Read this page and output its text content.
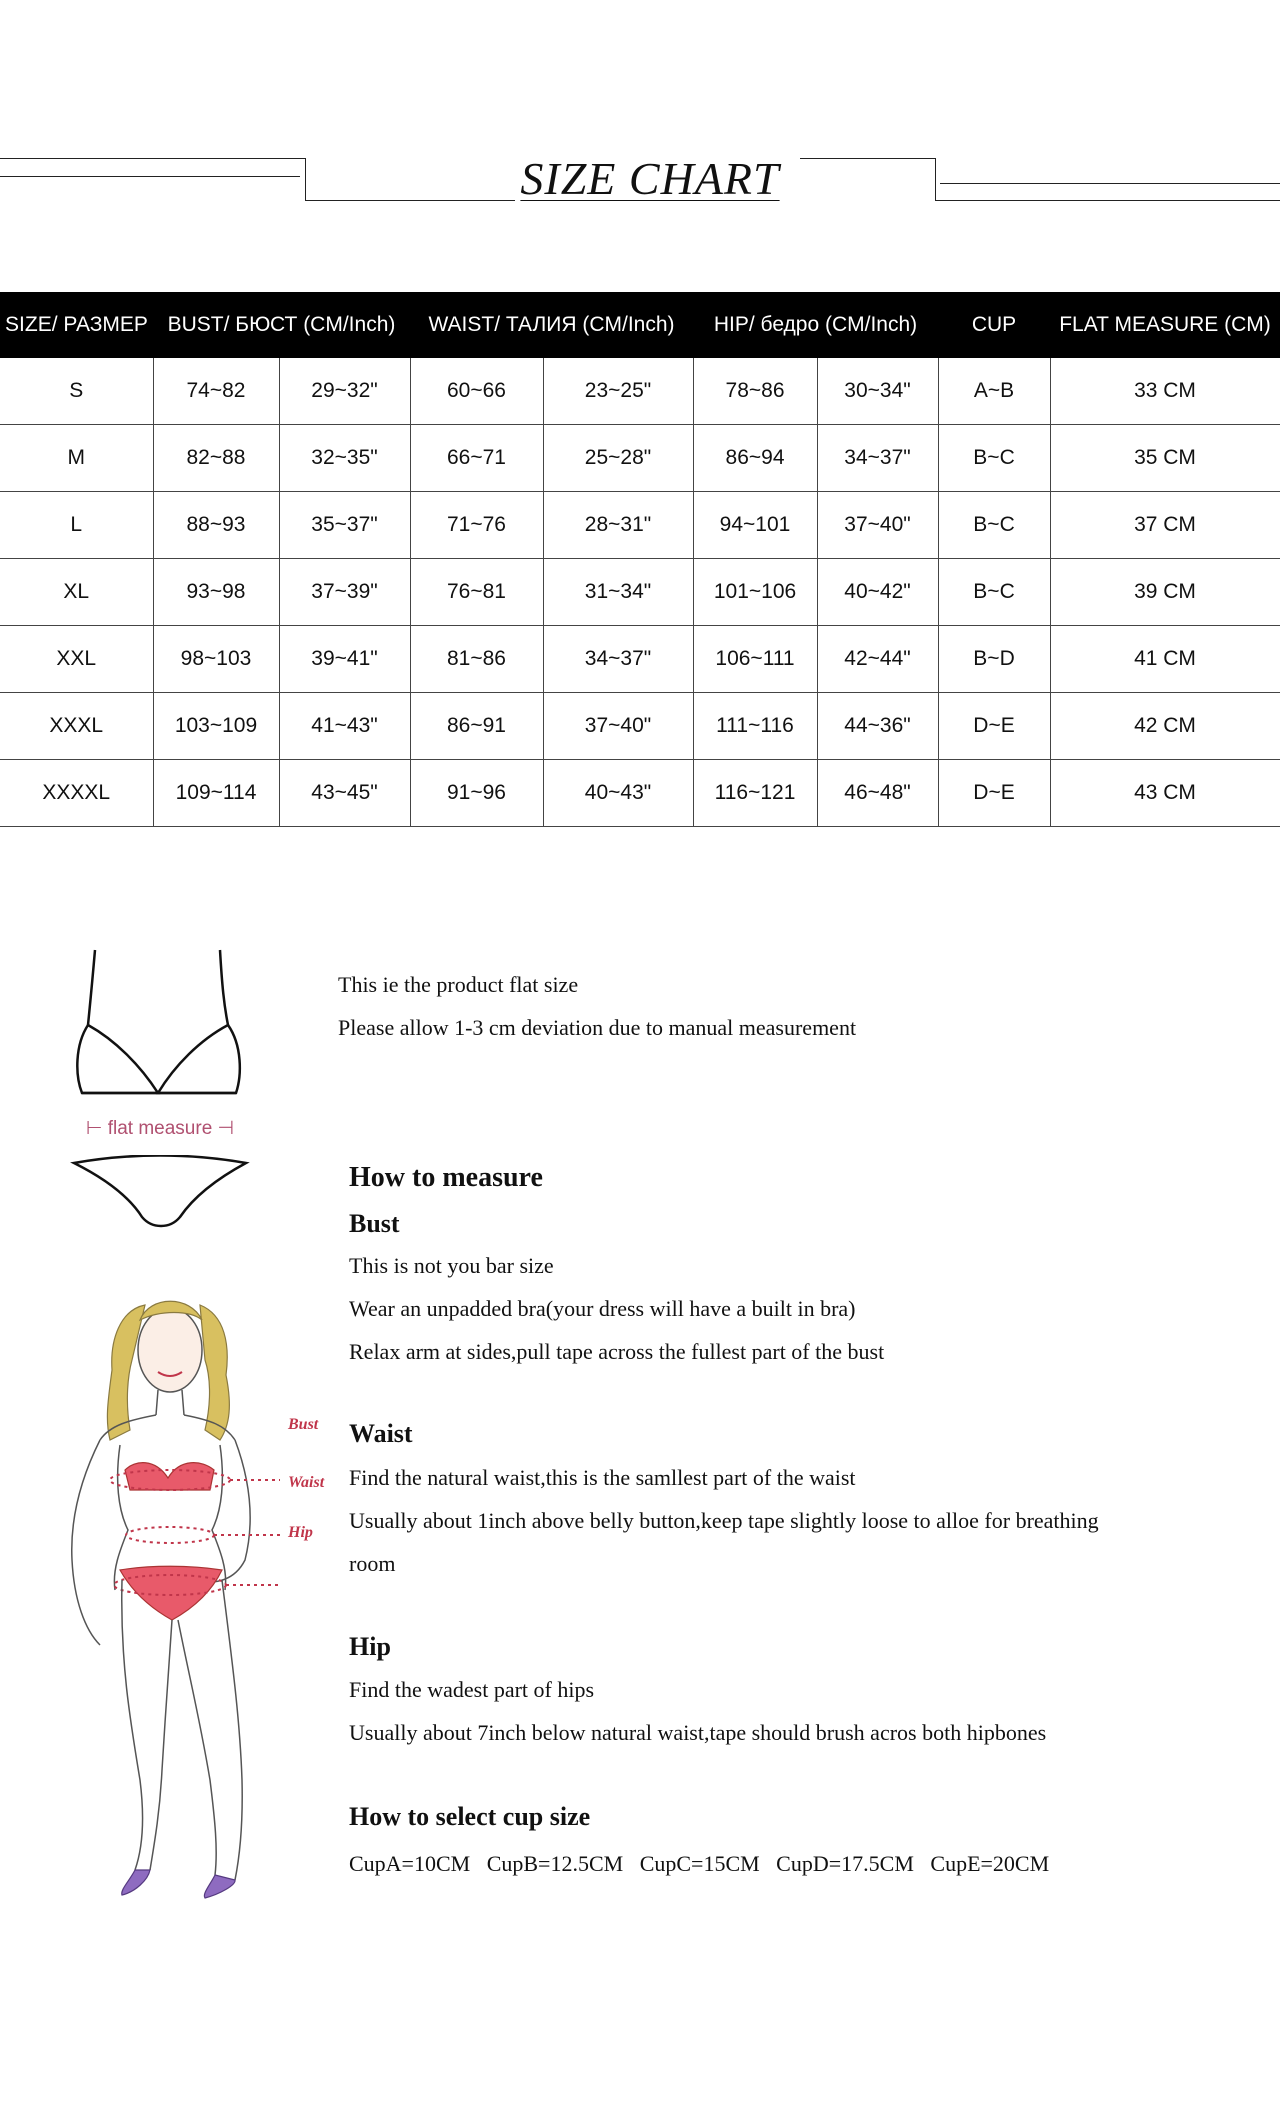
SIZE CHART
SIZE/ РАЗМЕР	BUST/ БЮСТ (CM/Inch)		WAIST/ ТАЛИЯ (CM/Inch)		HIP/ бедро (CM/Inch)		CUP	FLAT MEASURE (CM)
S	74~82	29~32"	60~66	23~25"	78~86	30~34"	A~B	33 CM
M	82~88	32~35"	66~71	25~28"	86~94	34~37"	B~C	35 CM
L	88~93	35~37"	71~76	28~31"	94~101	37~40"	B~C	37 CM
XL	93~98	37~39"	76~81	31~34"	101~106	40~42"	B~C	39 CM
XXL	98~103	39~41"	81~86	34~37"	106~111	42~44"	B~D	41 CM
XXXL	103~109	41~43"	86~91	37~40"	111~116	44~36"	D~E	42 CM
XXXXL	109~114	43~45"	91~96	40~43"	116~121	46~48"	D~E	43 CM
⊢ flat measure ⊣
Bust
Waist
Hip
This ie the product flat size
Please allow 1-3 cm deviation due to manual measurement
How to measure
Bust
This is not you bar size
Wear an unpadded bra(your dress will have a built in bra)
Relax arm at sides,pull tape across the fullest part of the bust
Waist
Find the natural waist,this is the samllest part of the waist
Usually about 1inch above belly button,keep tape slightly loose to alloe for breathing
room
Hip
Find the wadest part of hips
Usually about 7inch below natural waist,tape should brush acros both hipbones
How to select cup size
CupA=10CM   CupB=12.5CM   CupC=15CM   CupD=17.5CM   CupE=20CM
